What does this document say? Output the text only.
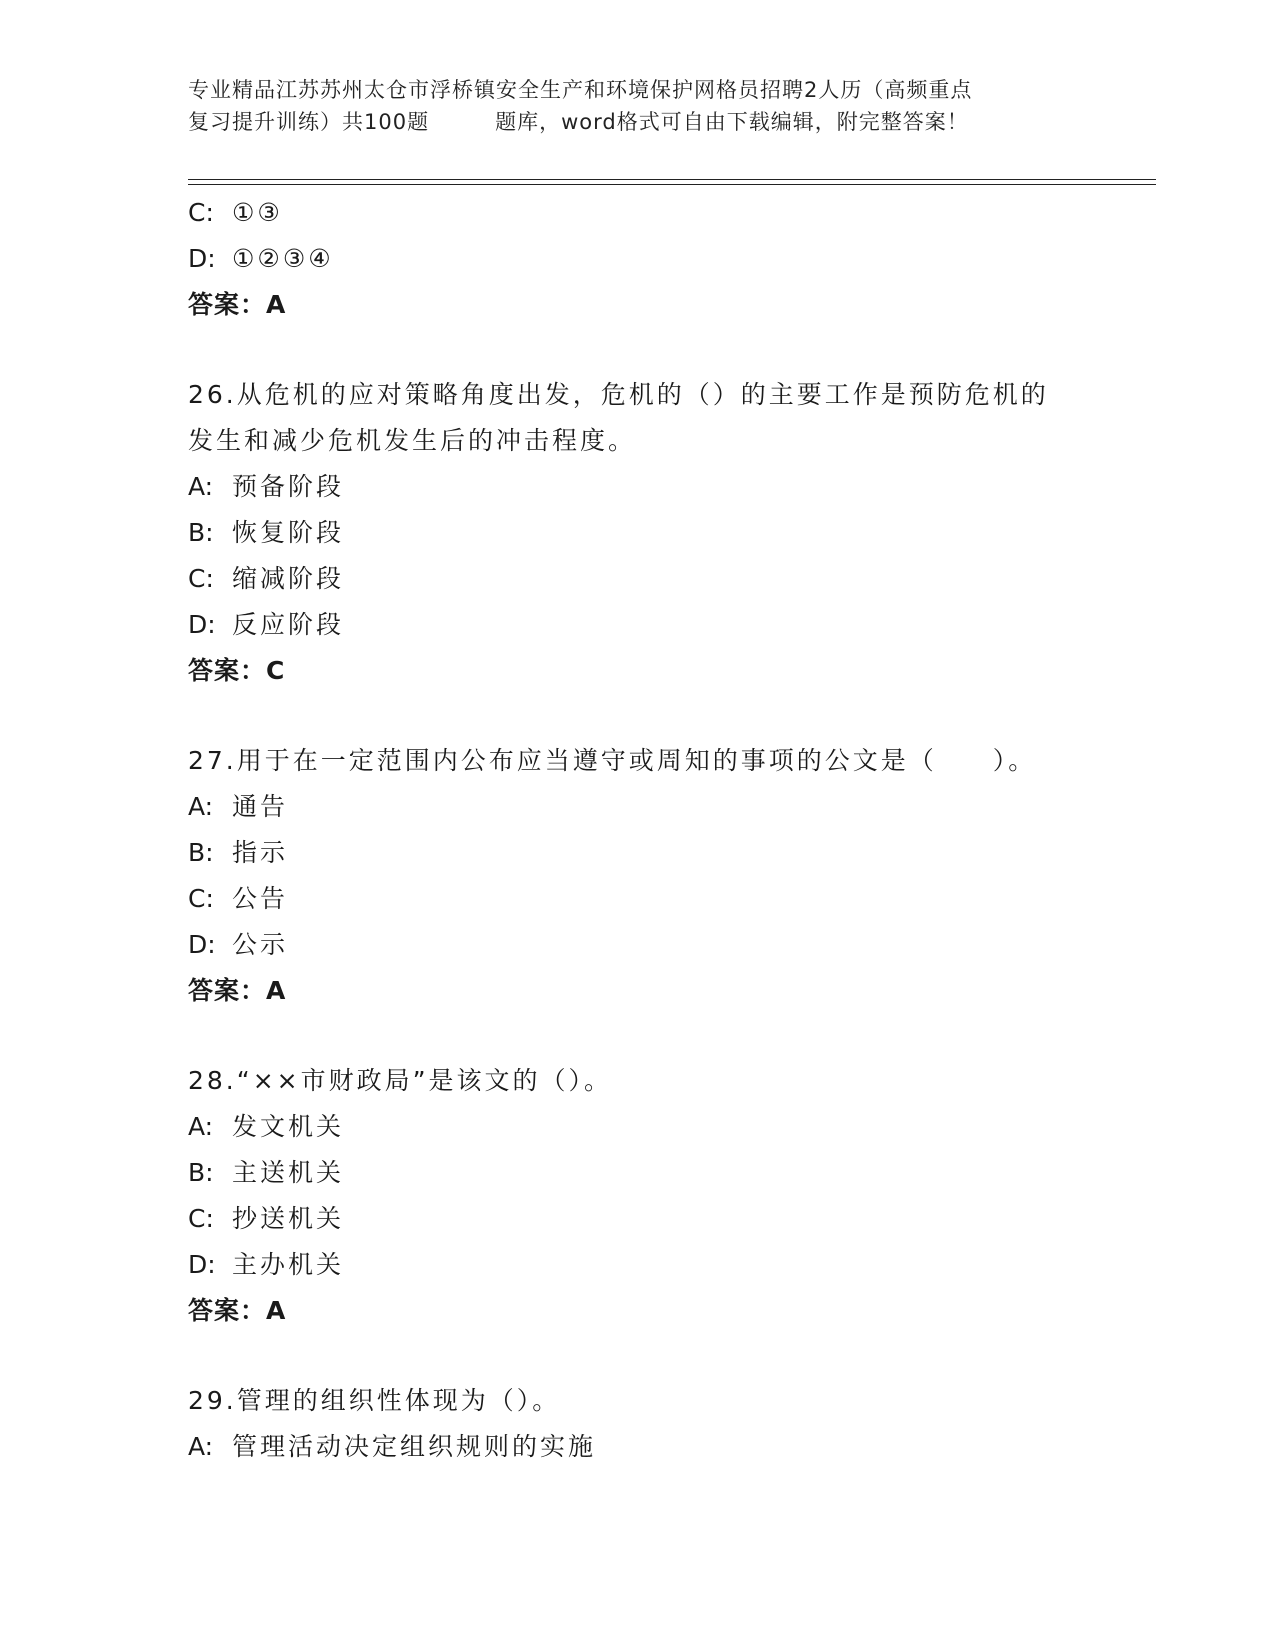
专业精品江苏苏州太仓市浮桥镇安全生产和环境保护网格员招聘2人历（高频重点
复习提升训练）共100题　　　题库，word格式可自由下载编辑，附完整答案！
C: ①③
D: ①②③④
答案：A
26.从危机的应对策略角度出发，危机的（）的主要工作是预防危机的
发生和减少危机发生后的冲击程度。
A: 预备阶段
B: 恢复阶段
C: 缩减阶段
D: 反应阶段
答案：C
27.用于在一定范围内公布应当遵守或周知的事项的公文是（　　）。
A: 通告
B: 指示
C: 公告
D: 公示
答案：A
28.“××市财政局”是该文的（）。
A: 发文机关
B: 主送机关
C: 抄送机关
D: 主办机关
答案：A
29.管理的组织性体现为（）。
A: 管理活动决定组织规则的实施
